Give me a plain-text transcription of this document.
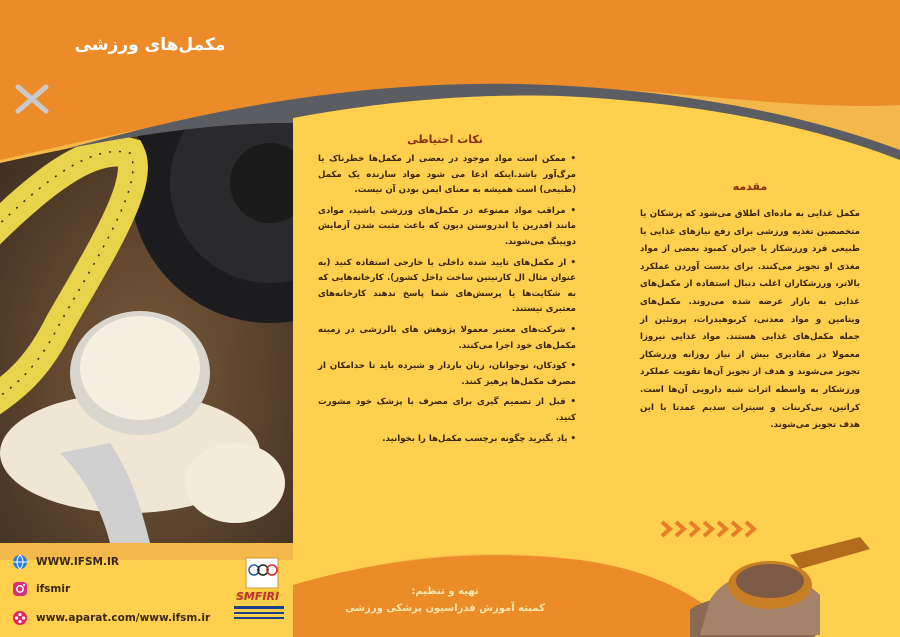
مکمل‌های ورزشی
نکات احتیاطی

• ممکن است مواد موجود در بعضی از مکمل‌ها خطرناک یا مرگ‌آور باشد.اینکه ادعا می شود مواد سازنده یک مکمل (طبیعی) است همیشه به معنای ایمن بودن آن نیست.

• مراقب مواد ممنوعه در مکمل‌های ورزشی باشید، موادی مانند افدرین یا اندروستن دیون که باعث مثبت شدن آزمایش دوپینگ می‌شوند.

• از مکمل‌های تایید شده داخلی یا خارجی استفاده کنید (به عنوان مثال ال کارنیتین ساخت داخل کشور). کارخانه‌هایی که به شکایت‌ها یا پرسش‌های شما پاسخ ندهند کارخانه‌های معتبری نیستند.

• شرکت‌های معتبر معمولا پژوهش های بالرزشی در زمینه مکمل‌های خود اجرا می‌کنند.

• کودکان، نوجوانان، زنان باردار و شیرده باید تا حدامکان از مصرف مکمل‌ها پرهیز کنند.

• قبل از تصمیم گیری برای مصرف با پزشک خود مشورت کنید.

• یاد بگیرید چگونه برچسب مکمل‌ها را بخوانید.

مقدمه

مکمل غذایی به ماده‌ای اطلاق می‌شود که پزشکان یا متخصصین تغذیه ورزشی برای رفع نیازهای غذایی یا طبیعی فرد ورزشکار یا جبران کمبود بعضی از مواد مغذی او تجویز می‌کنند. برای بدست آوردن عملکرد بالاتر، ورزشکاران اغلب دنبال استفاده از مکمل‌های غذایی به بازار عرضه شده می‌روند. مکمل‌های ویتامین و مواد معدنی، کربوهیدرات، پروتئین از جمله مکمل‌های غذایی هستند. مواد غذایی نیروزا معمولا در مقادیری بیش از نیاز روزانه ورزشکار تجویز می‌شوند و هدف از تجویز آن‌ها تقویت عملکرد ورزشکار به واسطه اثرات شبه دارویی آن‌ها است. کراتین، بی‌کربنات و سیترات سدیم عمدتا با این هدف تجویز می‌شوند.

SMFIRI	تهیه و تنظیم:
کمیته آموزش فدراسیون پزشکی ورزشی
WWW.IFSM.IR
ifsmir
www.aparat.com/www.ifsm.ir
